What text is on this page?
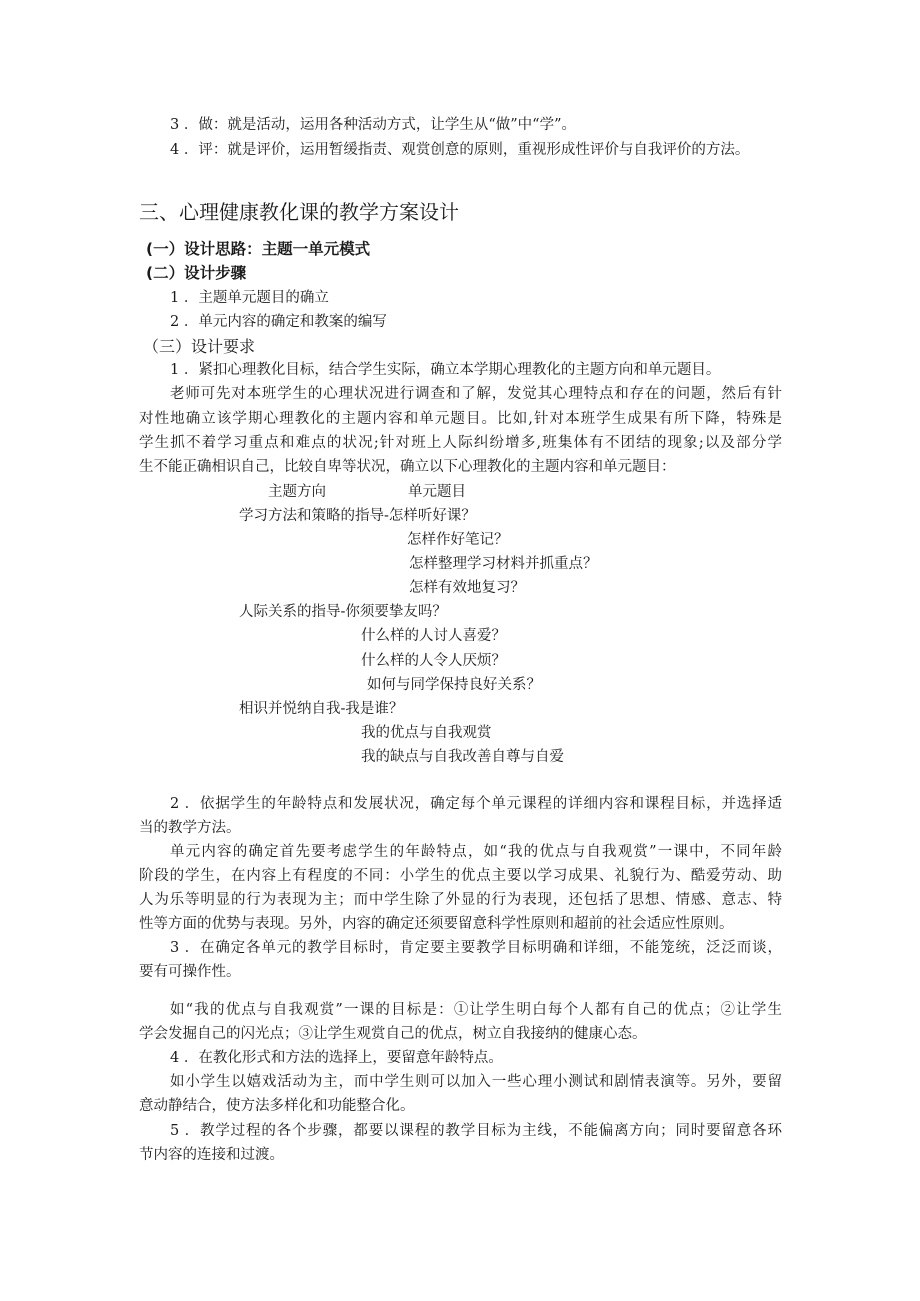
3 ．做：就是活动，运用各种活动方式，让学生从“做”中“学”。
4 ．评：就是评价，运用暂缓指责、观赏创意的原则，重视形成性评价与自我评价的方法。
三、心理健康教化课的教学方案设计
(一）设计思路：主题一单元模式
(二）设计步骤
1 ．主题单元题目的确立
2 ．单元内容的确定和教案的编写
（三）设计要求
1 ．紧扣心理教化目标，结合学生实际，确立本学期心理教化的主题方向和单元题目。
老师可先对本班学生的心理状况进行调查和了解，发觉其心理特点和存在的问题，然后有针
对性地确立该学期心理教化的主题内容和单元题目。比如,针对本班学生成果有所下降，特殊是
学生抓不着学习重点和难点的状况;针对班上人际纠纷增多,班集体有不团结的现象;以及部分学
生不能正确相识自己，比较自卑等状况，确立以下心理教化的主题内容和单元题目：
主题方向	单元题目
学习方法和策略的指导-怎样听好课？
怎样作好笔记？
怎样整理学习材料并抓重点？
怎样有效地复习？
人际关系的指导-你须要挚友吗？
什么样的人讨人喜爱？
什么样的人令人厌烦？
如何与同学保持良好关系？
相识并悦纳自我-我是谁？
我的优点与自我观赏
我的缺点与自我改善自尊与自爱
2 ．依据学生的年龄特点和发展状况，确定每个单元课程的详细内容和课程目标，并选择适
当的教学方法。
单元内容的确定首先要考虑学生的年龄特点，如“我的优点与自我观赏”一课中，不同年龄
阶段的学生，在内容上有程度的不同：小学生的优点主要以学习成果、礼貌行为、酷爱劳动、助
人为乐等明显的行为表现为主；而中学生除了外显的行为表现，还包括了思想、情感、意志、特
性等方面的优势与表现。另外，内容的确定还须要留意科学性原则和超前的社会适应性原则。
3 ．在确定各单元的教学目标时，肯定要主要教学目标明确和详细，不能笼统，泛泛而谈，
要有可操作性。
如“我的优点与自我观赏”一课的目标是：①让学生明白每个人都有自己的优点；②让学生
学会发掘自己的闪光点；③让学生观赏自己的优点，树立自我接纳的健康心态。
4 ．在教化形式和方法的选择上，要留意年龄特点。
如小学生以嬉戏活动为主，而中学生则可以加入一些心理小测试和剧情表演等。另外，要留
意动静结合，使方法多样化和功能整合化。
5 ．教学过程的各个步骤，都要以课程的教学目标为主线，不能偏离方向；同时要留意各环
节内容的连接和过渡。
